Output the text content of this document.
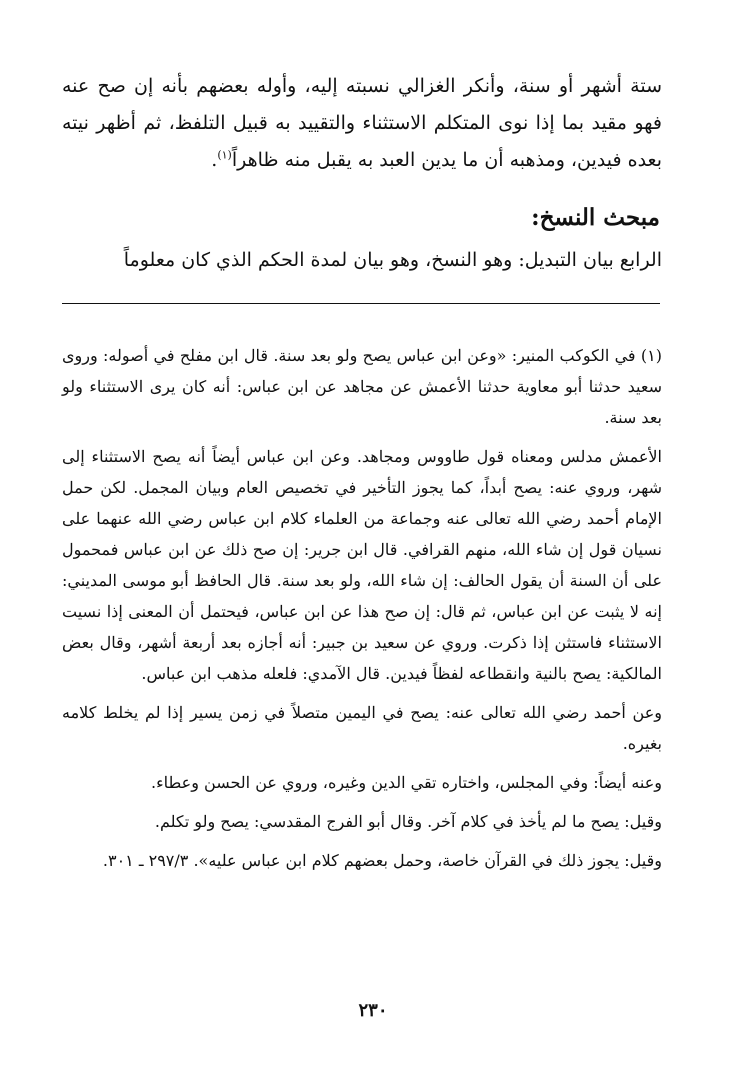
ستة أشهر أو سنة، وأنكر الغزالي نسبته إليه، وأوله بعضهم بأنه إن صح عنه فهو مقيد بما إذا نوى المتكلم الاستثناء والتقييد به قبيل التلفظ، ثم أظهر نيته بعده فيدين، ومذهبه أن ما يدين العبد به يقبل منه ظاهراً$^{(١)}$.

مبحث النسخ:

الرابع بيان التبديل: وهو النسخ، وهو بيان لمدة الحكم الذي كان معلوماً

(١) في الكوكب المنير: «وعن ابن عباس يصح ولو بعد سنة. قال ابن مفلح في أصوله: وروى سعيد حدثنا أبو معاوية حدثنا الأعمش عن مجاهد عن ابن عباس: أنه كان يرى الاستثناء ولو بعد سنة.

الأعمش مدلس ومعناه قول طاووس ومجاهد. وعن ابن عباس أيضاً أنه يصح الاستثناء إلى شهر، وروي عنه: يصح أبداً، كما يجوز التأخير في تخصيص العام وبيان المجمل. لكن حمل الإمام أحمد رضي الله تعالى عنه وجماعة من العلماء كلام ابن عباس رضي الله عنهما على نسيان قول إن شاء الله، منهم القرافي. قال ابن جرير: إن صح ذلك عن ابن عباس فمحمول على أن السنة أن يقول الحالف: إن شاء الله، ولو بعد سنة. قال الحافظ أبو موسى المديني: إنه لا يثبت عن ابن عباس، ثم قال: إن صح هذا عن ابن عباس، فيحتمل أن المعنى إذا نسيت الاستثناء فاستثن إذا ذكرت. وروي عن سعيد بن جبير: أنه أجازه بعد أربعة أشهر، وقال بعض المالكية: يصح بالنية وانقطاعه لفظاً فيدين. قال الآمدي: فلعله مذهب ابن عباس.

وعن أحمد رضي الله تعالى عنه: يصح في اليمين متصلاً في زمن يسير إذا لم يخلط كلامه بغيره.

وعنه أيضاً: وفي المجلس، واختاره تقي الدين وغيره، وروي عن الحسن وعطاء.

وقيل: يصح ما لم يأخذ في كلام آخر. وقال أبو الفرج المقدسي: يصح ولو تكلم.

وقيل: يجوز ذلك في القرآن خاصة، وحمل بعضهم كلام ابن عباس عليه». ٢٩٧/٣ ـ ٣٠١.

٢٣٠
